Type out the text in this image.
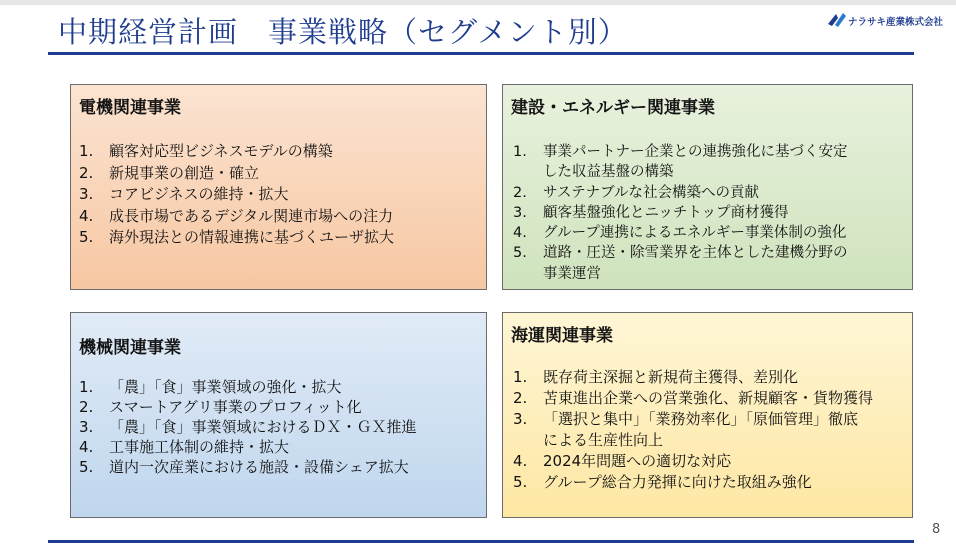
中期経営計画　事業戦略（セグメント別）	ナラサキ産業株式会社
電機関連事業
1.	顧客対応型ビジネスモデルの構築
2.	新規事業の創造・確立
3.	コアビジネスの維持・拡大
4.	成長市場であるデジタル関連市場への注力
5.	海外現法との情報連携に基づくユーザ拡大
建設・エネルギー関連事業
1.	事業パートナー企業との連携強化に基づく安定
した収益基盤の構築
2.	サステナブルな社会構築への貢献
3.	顧客基盤強化とニッチトップ商材獲得
4.	グループ連携によるエネルギー事業体制の強化
5.	道路・圧送・除雪業界を主体とした建機分野の
事業運営
機械関連事業
1.	「農」「食」事業領域の強化・拡大
2.	スマートアグリ事業のプロフィット化
3.	「農」「食」事業領域におけるＤＸ・ＧＸ推進
4.	工事施工体制の維持・拡大
5.	道内一次産業における施設・設備シェア拡大
海運関連事業
1.	既存荷主深掘と新規荷主獲得、差別化
2.	苫東進出企業への営業強化、新規顧客・貨物獲得
3.	「選択と集中」「業務効率化」「原価管理」徹底
による生産性向上
4.	2024年問題への適切な対応
5.	グループ総合力発揮に向けた取組み強化
8
